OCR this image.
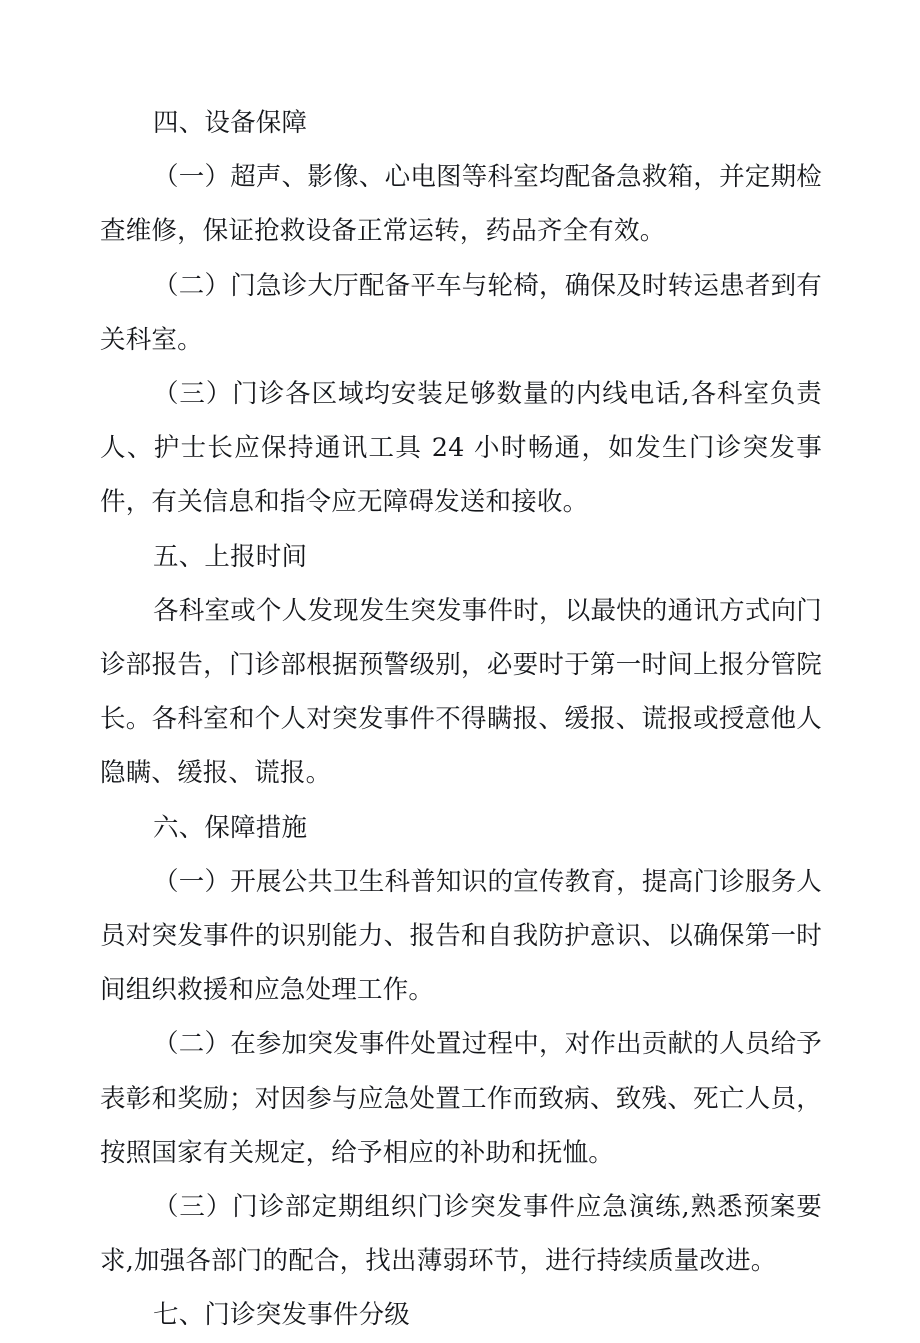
四、设备保障

（一）超声、影像、心电图等科室均配备急救箱，并定期检查维修，保证抢救设备正常运转，药品齐全有效。

（二）门急诊大厅配备平车与轮椅，确保及时转运患者到有关科室。

（三）门诊各区域均安装足够数量的内线电话,各科室负责人、护士长应保持通讯工具 24 小时畅通，如发生门诊突发事件，有关信息和指令应无障碍发送和接收。

五、上报时间

各科室或个人发现发生突发事件时，以最快的通讯方式向门诊部报告，门诊部根据预警级别，必要时于第一时间上报分管院长。各科室和个人对突发事件不得瞒报、缓报、谎报或授意他人隐瞒、缓报、谎报。

六、保障措施

（一）开展公共卫生科普知识的宣传教育，提高门诊服务人员对突发事件的识别能力、报告和自我防护意识、以确保第一时间组织救援和应急处理工作。

（二）在参加突发事件处置过程中，对作出贡献的人员给予表彰和奖励；对因参与应急处置工作而致病、致残、死亡人员，按照国家有关规定，给予相应的补助和抚恤。

（三）门诊部定期组织门诊突发事件应急演练,熟悉预案要求,加强各部门的配合，找出薄弱环节，进行持续质量改进。

七、门诊突发事件分级
